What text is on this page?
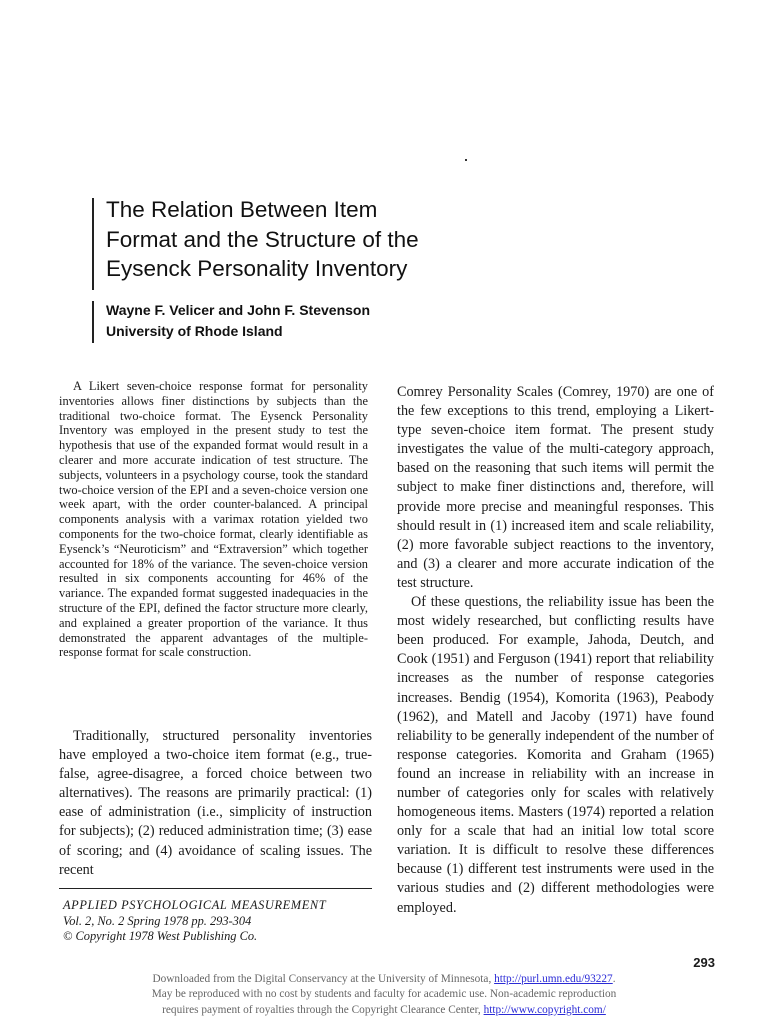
The Relation Between Item
Format and the Structure of the
Eysenck Personality Inventory
Wayne F. Velicer and John F. Stevenson
University of Rhode Island

A Likert seven-choice response format for personality inventories allows finer distinctions by subjects than the traditional two-choice format. The Eysenck Personality Inventory was employed in the present study to test the hypothesis that use of the expanded format would result in a clearer and more accurate indication of test structure. The subjects, volunteers in a psychology course, took the standard two-choice version of the EPI and a seven-choice version one week apart, with the order counter-balanced. A principal components analysis with a varimax rotation yielded two components for the two-choice format, clearly identifiable as Eysenck’s “Neuroticism” and “Extraversion” which together accounted for 18% of the variance. The seven-choice version resulted in six components accounting for 46% of the variance. The expanded format suggested inadequacies in the structure of the EPI, defined the factor structure more clearly, and explained a greater proportion of the variance. It thus demonstrated the apparent advantages of the multiple-response format for scale construction.

Traditionally, structured personality inventories have employed a two-choice item format (e.g., true-false, agree-disagree, a forced choice between two alternatives). The reasons are primarily practical: (1) ease of administration (i.e., simplicity of instruction for subjects); (2) reduced administration time; (3) ease of scoring; and (4) avoidance of scaling issues. The recent

Comrey Personality Scales (Comrey, 1970) are one of the few exceptions to this trend, employing a Likert-type seven-choice item format. The present study investigates the value of the multi-category approach, based on the reasoning that such items will permit the subject to make finer distinctions and, therefore, will provide more precise and meaningful responses. This should result in (1) increased item and scale reliability, (2) more favorable subject reactions to the inventory, and (3) a clearer and more accurate indication of the test structure.

Of these questions, the reliability issue has been the most widely researched, but conflicting results have been produced. For example, Jahoda, Deutch, and Cook (1951) and Ferguson (1941) report that reliability increases as the number of response categories increases. Bendig (1954), Komorita (1963), Peabody (1962), and Matell and Jacoby (1971) have found reliability to be generally independent of the number of response categories. Komorita and Graham (1965) found an increase in reliability with an increase in number of categories only for scales with relatively homogeneous items. Masters (1974) reported a relation only for a scale that had an initial low total score variation. It is difficult to resolve these differences because (1) different test instruments were used in the various studies and (2) different methodologies were employed.

APPLIED PSYCHOLOGICAL MEASUREMENT
Vol. 2, No. 2 Spring 1978 pp. 293-304
© Copyright 1978 West Publishing Co.
293
Downloaded from the Digital Conservancy at the University of Minnesota, http://purl.umn.edu/93227.
May be reproduced with no cost by students and faculty for academic use. Non-academic reproduction
requires payment of royalties through the Copyright Clearance Center, http://www.copyright.com/
